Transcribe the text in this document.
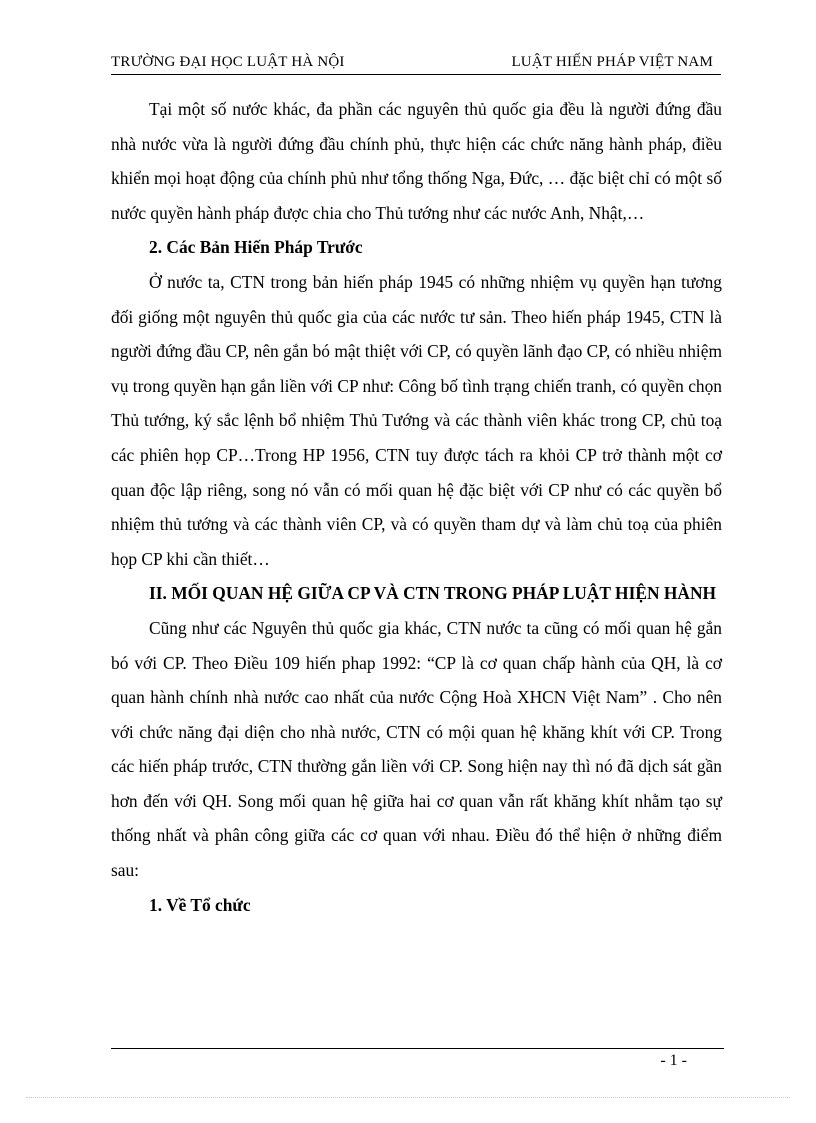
TRƯỜNG ĐẠI HỌC LUẬT HÀ NỘI	LUẬT HIẾN PHÁP VIỆT NAM

Tại một số nước khác, đa phần các nguyên thủ quốc gia đều là người đứng đầu nhà nước vừa là người đứng đầu chính phủ, thực hiện các chức năng hành pháp, điều khiển mọi hoạt động của chính phủ như tổng thống Nga, Đức, … đặc biệt chỉ có một số nước quyền hành pháp được chia cho Thủ tướng như các nước Anh, Nhật,…

2. Các Bản Hiến Pháp Trước

Ở nước ta, CTN trong bản hiến pháp 1945 có những nhiệm vụ quyền hạn tương đối giống một nguyên thủ quốc gia của các nước tư sản. Theo hiến pháp 1945, CTN là người đứng đầu CP, nên gắn bó mật thiệt với CP, có quyền lãnh đạo CP, có nhiều nhiệm vụ trong quyền hạn gắn liền với CP như: Công bố tình trạng chiến tranh, có quyền chọn Thủ tướng, ký sắc lệnh bổ nhiệm Thủ Tướng và các thành viên khác trong CP, chủ toạ các phiên họp CP…Trong HP 1956, CTN tuy được tách ra khỏi CP trở thành một cơ quan độc lập riêng, song nó vẫn có mối quan hệ đặc biệt với CP như có các quyền bổ nhiệm thủ tướng và các thành viên CP, và có quyền tham dự và làm chủ toạ của phiên họp CP khi cần thiết…

II. MỐI QUAN HỆ GIỮA CP VÀ CTN TRONG PHÁP LUẬT HIỆN HÀNH

Cũng như các Nguyên thủ quốc gia khác, CTN nước ta cũng có mối quan hệ gắn bó với CP. Theo Điều 109 hiến phap 1992: “CP là cơ quan chấp hành của QH, là cơ quan hành chính nhà nước cao nhất của nước Cộng Hoà XHCN Việt Nam” . Cho nên với chức năng đại diện cho nhà nước, CTN có mội quan hệ khăng khít với CP. Trong các hiến pháp trước, CTN thường gắn liền với CP. Song hiện nay thì nó đã dịch sát gần hơn đến với QH. Song mối quan hệ giữa hai cơ quan vẫn rất khăng khít nhằm tạo sự thống nhất và phân công giữa các cơ quan với nhau. Điều đó thể hiện ở những điểm sau:

1. Về Tổ chức

- 1 -
